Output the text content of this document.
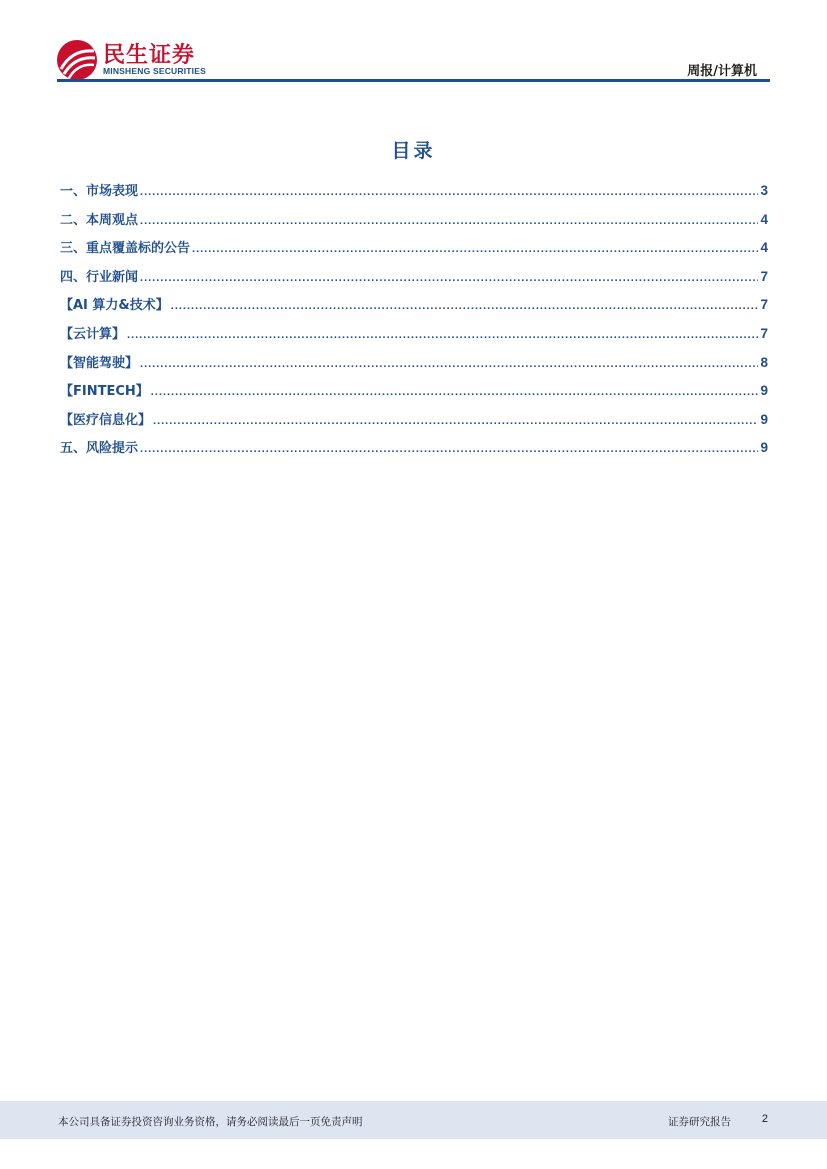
民生证券
MINSHENG SECURITIES	周报/计算机
目录
一、市场表现 .....	3
二、本周观点 .....	4
三、重点覆盖标的公告 .....	4
四、行业新闻 .....	7
【AI 算力&技术】 .....	7
【云计算】 .....	7
【智能驾驶】 .....	8
【FINTECH】 .....	9
【医疗信息化】 .....	9
五、风险提示 .....	9
本公司具备证券投资咨询业务资格，请务必阅读最后一页免责声明	证券研究报告	2
